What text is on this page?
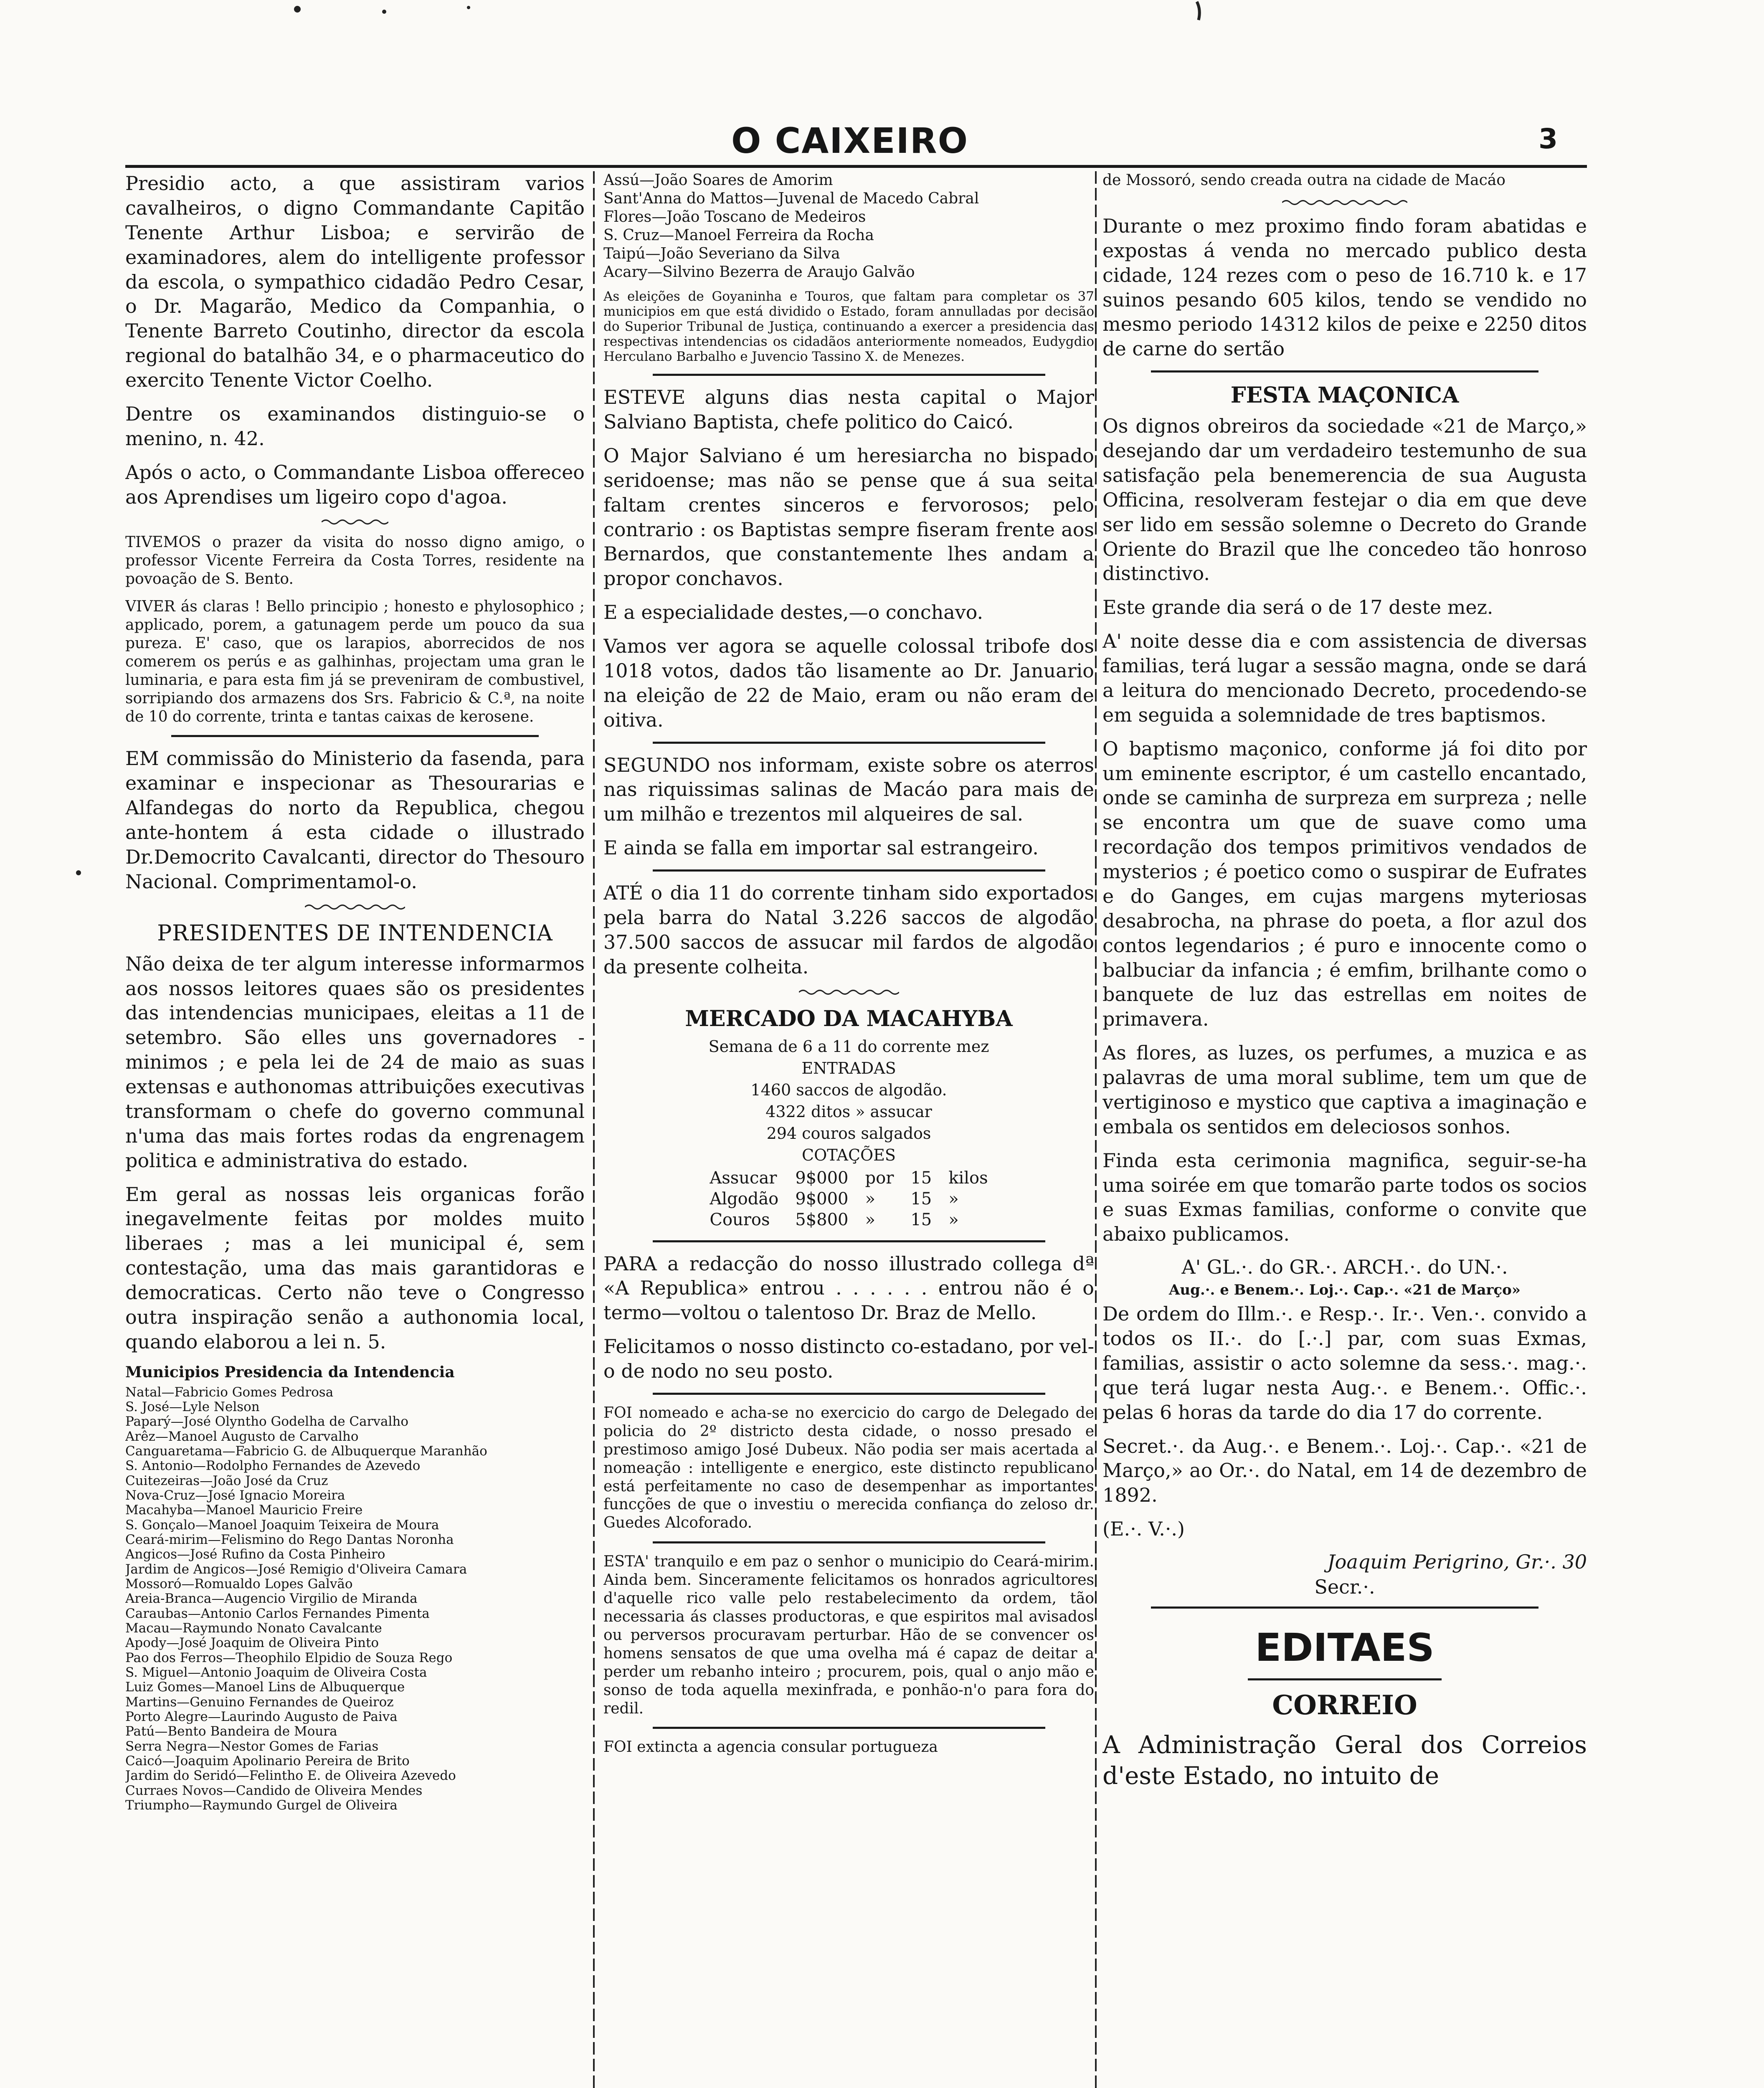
O CAIXEIRO	3

Presidio acto, a que assistiram varios cavalheiros, o digno Commandante Capitão Tenente Arthur Lisboa; e servirão de examinadores, alem do intelligente professor da escola, o sympathico cidadão Pedro Cesar, o Dr. Magarão, Medico da Companhia, o Tenente Barreto Coutinho, director da escola regional do batalhão 34, e o pharmaceutico do exercito Tenente Victor Coelho.

Dentre os examinandos distinguio-se o menino, n. 42.

Após o acto, o Commandante Lisboa offereceo aos Aprendises um ligeiro copo d'agoa.

TIVEMOS o prazer da visita do nosso digno amigo, o professor Vicente Ferreira da Costa Torres, residente na povoação de S. Bento.

VIVER ás claras ! Bello principio ; honesto e phylosophico ; applicado, porem, a gatunagem perde um pouco da sua pureza. E' caso, que os larapios, aborrecidos de nos comerem os perús e as galhinhas, projectam uma gran le luminaria, e para esta fim já se preveniram de combustivel, sorripiando dos armazens dos Srs. Fabricio & C.ª, na noite de 10 do corrente, trinta e tantas caixas de kerosene.

EM commissão do Ministerio da fasenda, para examinar e inspecionar as Thesourarias e Alfandegas do norto da Republica, chegou ante-hontem á esta cidade o illustrado Dr.Democrito Cavalcanti, director do Thesouro Nacional. Comprimentamol-o.

PRESIDENTES DE INTENDENCIA

Não deixa de ter algum interesse informarmos aos nossos leitores quaes são os presidentes das intendencias municipaes, eleitas a 11 de setembro. São elles uns governadores - minimos ; e pela lei de 24 de maio as suas extensas e authonomas attribuições executivas transformam o chefe do governo communal n'uma das mais fortes rodas da engrenagem politica e administrativa do estado.

Em geral as nossas leis organicas forão inegavelmente feitas por moldes muito liberaes ; mas a lei municipal é, sem contestação, uma das mais garantidoras e democraticas. Certo não teve o Congresso outra inspiração senão a authonomia local, quando elaborou a lei n. 5.

Municipios Presidencia da Intendencia
Natal—Fabricio Gomes Pedrosa
S. José—Lyle Nelson
Paparý—José Olyntho Godelha de Carvalho
Arêz—Manoel Augusto de Carvalho
Canguaretama—Fabricio G. de Albuquerque Maranhão
S. Antonio—Rodolpho Fernandes de Azevedo
Cuitezeiras—João José da Cruz
Nova-Cruz—José Ignacio Moreira
Macahyba—Manoel Mauricio Freire
S. Gonçalo—Manoel Joaquim Teixeira de Moura
Ceará-mirim—Felismino do Rego Dantas Noronha
Angicos—José Rufino da Costa Pinheiro
Jardim de Angicos—José Remigio d'Oliveira Camara
Mossoró—Romualdo Lopes Galvão
Areia-Branca—Augencio Virgilio de Miranda
Caraubas—Antonio Carlos Fernandes Pimenta
Macau—Raymundo Nonato Cavalcante
Apody—José Joaquim de Oliveira Pinto
Pao dos Ferros—Theophilo Elpidio de Souza Rego
S. Miguel—Antonio Joaquim de Oliveira Costa
Luiz Gomes—Manoel Lins de Albuquerque
Martins—Genuino Fernandes de Queiroz
Porto Alegre—Laurindo Augusto de Paiva
Patú—Bento Bandeira de Moura
Serra Negra—Nestor Gomes de Farias
Caicó—Joaquim Apolinario Pereira de Brito
Jardim do Seridó—Felintho E. de Oliveira Azevedo
Curraes Novos—Candido de Oliveira Mendes
Triumpho—Raymundo Gurgel de Oliveira
Assú—João Soares de Amorim
Sant'Anna do Mattos—Juvenal de Macedo Cabral
Flores—João Toscano de Medeiros
S. Cruz—Manoel Ferreira da Rocha
Taipú—João Severiano da Silva
Acary—Silvino Bezerra de Araujo Galvão

As eleições de Goyaninha e Touros, que faltam para completar os 37 municipios em que está dividido o Estado, foram annulladas por decisão do Superior Tribunal de Justiça, continuando a exercer a presidencia das respectivas intendencias os cidadãos anteriormente nomeados, Eudygdio Herculano Barbalho e Juvencio Tassino X. de Menezes.

ESTEVE alguns dias nesta capital o Major Salviano Baptista, chefe politico do Caicó.

O Major Salviano é um heresiarcha no bispado seridoense; mas não se pense que á sua seita faltam crentes sinceros e fervorosos; pelo contrario : os Baptistas sempre fiseram frente aos Bernardos, que constantemente lhes andam a propor conchavos.

E a especialidade destes,—o conchavo.

Vamos ver agora se aquelle colossal tribofe dos 1018 votos, dados tão lisamente ao Dr. Januario na eleição de 22 de Maio, eram ou não eram de oitiva.

SEGUNDO nos informam, existe sobre os aterros nas riquissimas salinas de Macáo para mais de um milhão e trezentos mil alqueires de sal.

E ainda se falla em importar sal estrangeiro.

ATÉ o dia 11 do corrente tinham sido exportados pela barra do Natal 3.226 saccos de algodão 37.500 saccos de assucar mil fardos de algodão da presente colheita.

MERCADO DA MACAHYBA
Semana de 6 a 11 do corrente mez
ENTRADAS
1460 saccos de algodão.
4322 ditos » assucar
294 couros salgados
COTAÇÕES
Assucar	9$000	por	15	kilos
Algodão	9$000	»	15	»
Couros	5$800	»	15	»

PARA a redacção do nosso illustrado collega dª «A Republica» entrou . . . . . . entrou não é o termo—voltou o talentoso Dr. Braz de Mello.

Felicitamos o nosso distincto co-estadano, por vel-o de nodo no seu posto.

FOI nomeado e acha-se no exercicio do cargo de Delegado de policia do 2º districto desta cidade, o nosso presado e prestimoso amigo José Dubeux. Não podia ser mais acertada a nomeação : intelligente e energico, este distincto republicano está perfeitamente no caso de desempenhar as importantes funcções de que o investiu o merecida confiança do zeloso dr. Guedes Alcoforado.

ESTA' tranquilo e em paz o senhor o municipio do Ceará-mirim. Ainda bem. Sinceramente felicitamos os honrados agricultores d'aquelle rico valle pelo restabelecimento da ordem, tão necessaria ás classes productoras, e que espiritos mal avisados ou perversos procuravam perturbar. Hão de se convencer os homens sensatos de que uma ovelha má é capaz de deitar a perder um rebanho inteiro ; procurem, pois, qual o anjo mão e sonso de toda aquella mexinfrada, e ponhão-n'o para fora do redil.

FOI extincta a agencia consular portugueza

de Mossoró, sendo creada outra na cidade de Macáo

Durante o mez proximo findo foram abatidas e expostas á venda no mercado publico desta cidade, 124 rezes com o peso de 16.710 k. e 17 suinos pesando 605 kilos, tendo se vendido no mesmo periodo 14312 kilos de peixe e 2250 ditos de carne do sertão

FESTA MAÇONICA

Os dignos obreiros da sociedade «21 de Março,» desejando dar um verdadeiro testemunho de sua satisfação pela benemerencia de sua Augusta Officina, resolveram festejar o dia em que deve ser lido em sessão solemne o Decreto do Grande Oriente do Brazil que lhe concedeo tão honroso distinctivo.

Este grande dia será o de 17 deste mez.

A' noite desse dia e com assistencia de diversas familias, terá lugar a sessão magna, onde se dará a leitura do mencionado Decreto, procedendo-se em seguida a solemnidade de tres baptismos.

O baptismo maçonico, conforme já foi dito por um eminente escriptor, é um castello encantado, onde se caminha de surpreza em surpreza ; nelle se encontra um que de suave como uma recordação dos tempos primitivos vendados de mysterios ; é poetico como o suspirar de Eufrates e do Ganges, em cujas margens myteriosas desabrocha, na phrase do poeta, a flor azul dos contos legendarios ; é puro e innocente como o balbuciar da infancia ; é emfim, brilhante como o banquete de luz das estrellas em noites de primavera.

As flores, as luzes, os perfumes, a muzica e as palavras de uma moral sublime, tem um que de vertiginoso e mystico que captiva a imaginação e embala os sentidos em deleciosos sonhos.

Finda esta cerimonia magnifica, seguir-se-ha uma soirée em que tomarão parte todos os socios e suas Exmas familias, conforme o convite que abaixo publicamos.

A' GL.·. do GR.·. ARCH.·. do UN.·.
Aug.·. e Benem.·. Loj.·. Cap.·. «21 de Março»

De ordem do Illm.·. e Resp.·. Ir.·. Ven.·. convido a todos os II.·. do [.·.] par, com suas Exmas, familias, assistir o acto solemne da sess.·. mag.·. que terá lugar nesta Aug.·. e Benem.·. Offic.·. pelas 6 horas da tarde do dia 17 do corrente.

Secret.·. da Aug.·. e Benem.·. Loj.·. Cap.·. «21 de Março,» ao Or.·. do Natal, em 14 de dezembro de 1892.

(E.·. V.·.)

Joaquim Perigrino, Gr.·. 30
Secr.·.
EDITAES
CORREIO

A Administração Geral dos Correios d'este Estado, no intuito de
